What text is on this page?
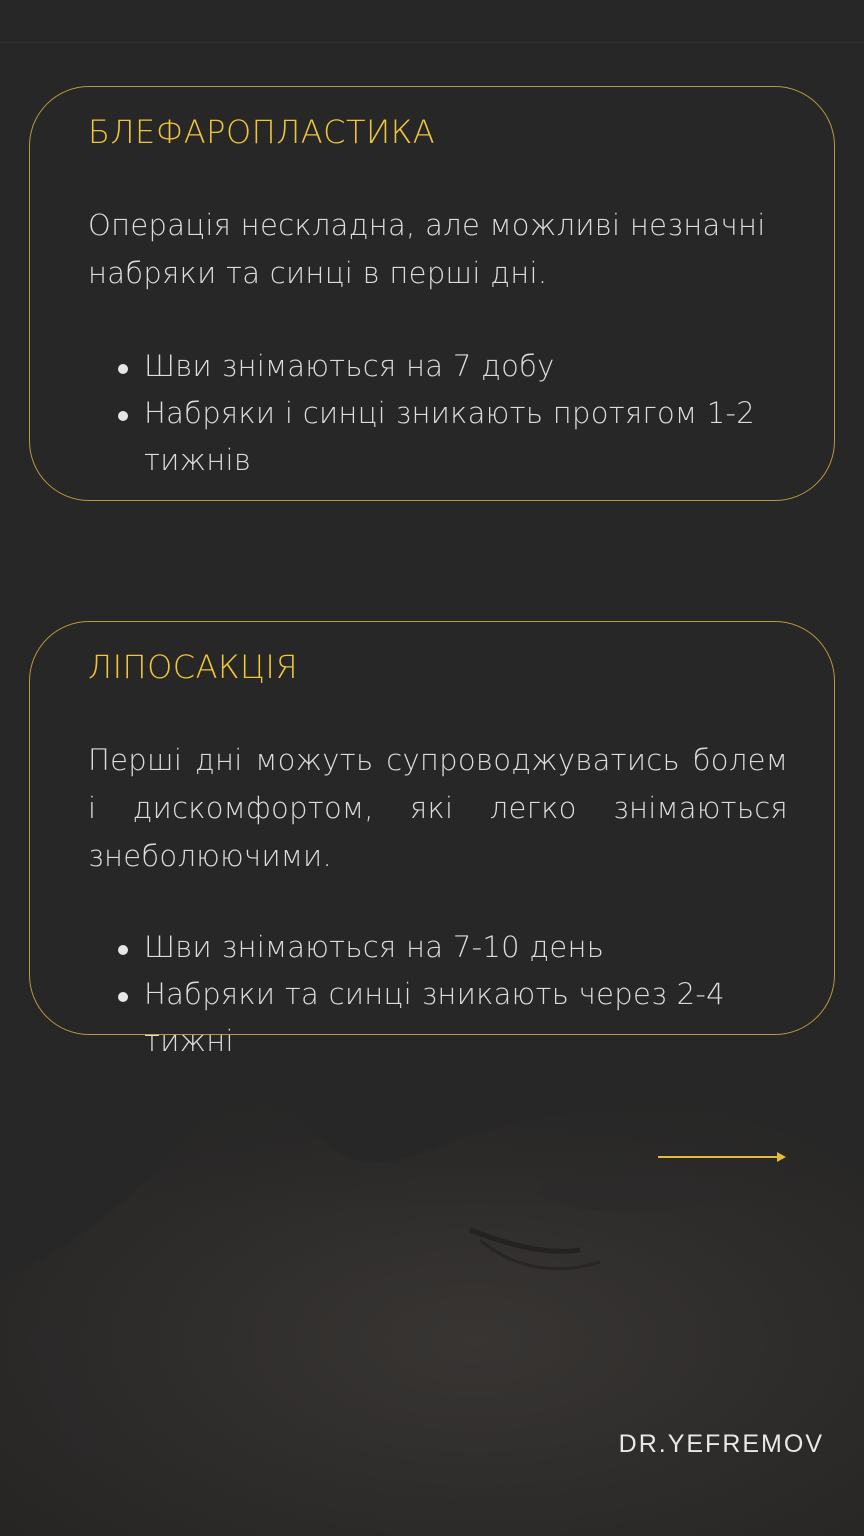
БЛЕФАРОПЛАСТИКА

Операція нескладна, але можливі незначні набряки та синці в перші дні.

Шви знімаються на 7 добу
Набряки і синці зникають протягом 1-2 тижнів
ЛІПОСАКЦІЯ

Перші дні можуть супроводжуватись болем і дискомфортом, які легко знімаються знеболюючими.

Шви знімаються на 7-10 день
Набряки та синці зникають через 2-4 тижні
DR.YEFREMOV
